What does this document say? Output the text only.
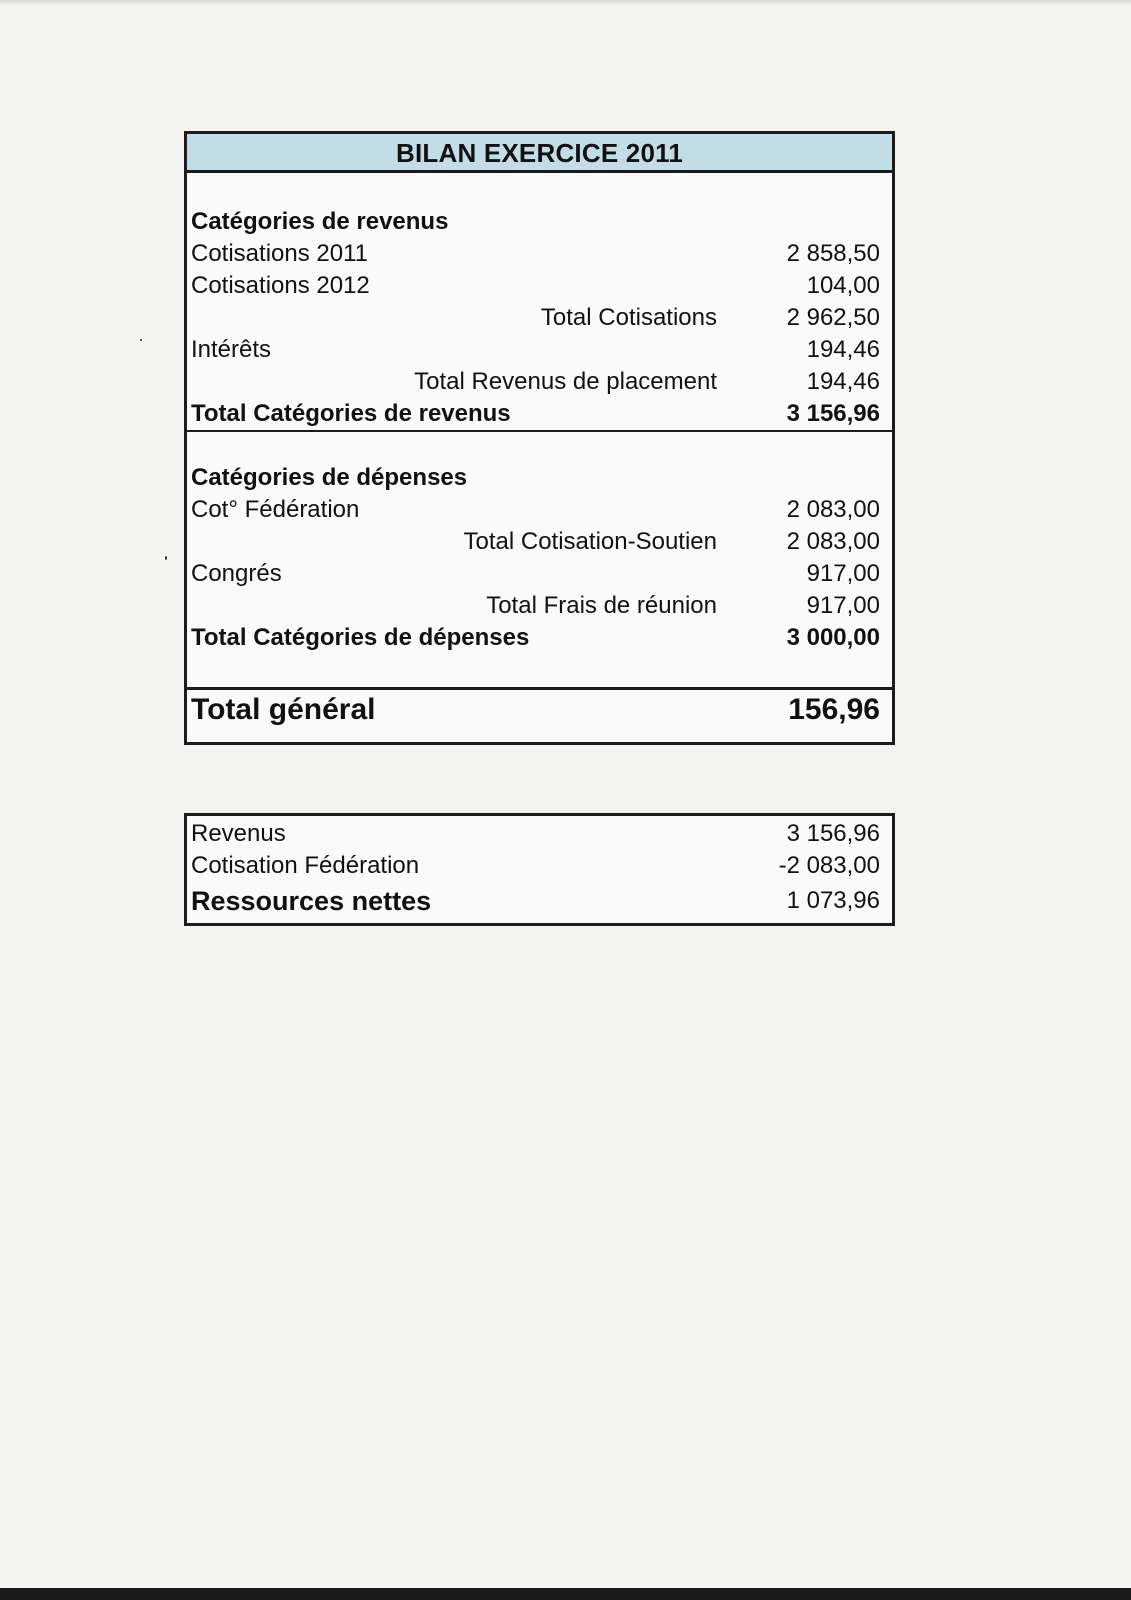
BILAN EXERCICE 2011
Catégories de revenus
Cotisations 2011	2 858,50
Cotisations 2012	104,00
Total Cotisations	2 962,50
Intérêts	194,46
Total Revenus de placement	194,46
Total Catégories de revenus	3 156,96
Catégories de dépenses
Cot° Fédération	2 083,00
Total Cotisation-Soutien	2 083,00
Congrés	917,00
Total Frais de réunion	917,00
Total Catégories de dépenses	3 000,00
Total général	156,96
Revenus	3 156,96
Cotisation Fédération	-2 083,00
Ressources nettes	1 073,96
